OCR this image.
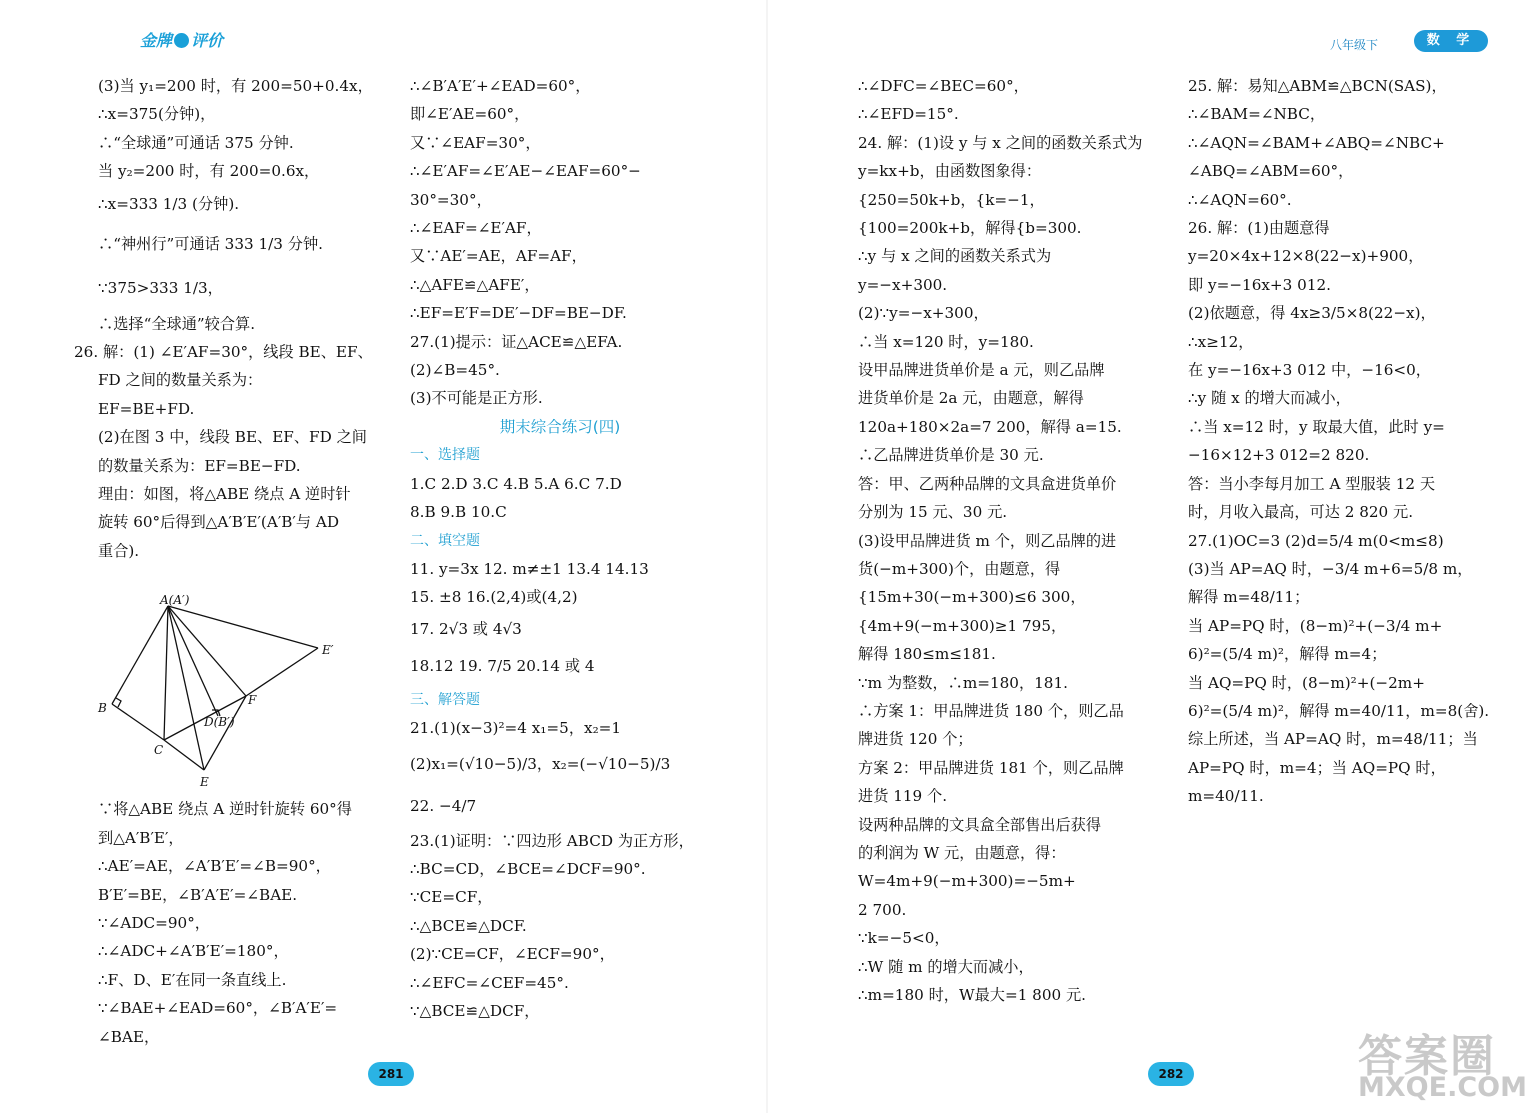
金牌 评价	八年级下	数 学
(3)当 y₁=200 时，有 200=50+0.4x，
∴x=375(分钟)，
∴“全球通”可通话 375 分钟.
当 y₂=200 时，有 200=0.6x，
∴x=333 1/3 (分钟).
∴“神州行”可通话 333 1/3 分钟.
∵375>333 1/3，
∴选择“全球通”较合算.
26. 解：(1) ∠E′AF=30°，线段 BE、EF、
FD 之间的数量关系为：
EF=BE+FD.
(2)在图 3 中，线段 BE、EF、FD 之间
的数量关系为：EF=BE−FD.
理由：如图，将△ABE 绕点 A 逆时针
旋转 60°后得到△A′B′E′(A′B′与 AD
重合).
∵将△ABE 绕点 A 逆时针旋转 60°得
到△A′B′E′，
∴AE′=AE，∠A′B′E′=∠B=90°，
B′E′=BE，∠B′A′E′=∠BAE.
∵∠ADC=90°，
∴∠ADC+∠A′B′E′=180°，
∴F、D、E′在同一条直线上.
∵∠BAE+∠EAD=60°，∠B′A′E′=
∠BAE，
A(A′)
B
C
D(B′)
E
E′
F
∴∠B′A′E′+∠EAD=60°，
即∠E′AE=60°，
又∵∠EAF=30°，
∴∠E′AF=∠E′AE−∠EAF=60°−
30°=30°，
∴∠EAF=∠E′AF，
又∵AE′=AE，AF=AF，
∴△AFE≌△AFE′，
∴EF=E′F=DE′−DF=BE−DF.
27.(1)提示：证△ACE≌△EFA.
(2)∠B=45°.
(3)不可能是正方形.
期末综合练习(四)
一、选择题
1.C 2.D 3.C 4.B 5.A 6.C 7.D
8.B 9.B 10.C
二、填空题
11. y=3x 12. m≠±1 13.4 14.13
15. ±8 16.(2,4)或(4,2)
17. 2√3 或 4√3
18.12 19. 7/5 20.14 或 4
三、解答题
21.(1)(x−3)²=4 x₁=5，x₂=1
(2)x₁=(√10−5)/3，x₂=(−√10−5)/3
22. −4/7
23.(1)证明：∵四边形 ABCD 为正方形，
∴BC=CD，∠BCE=∠DCF=90°.
∵CE=CF，
∴△BCE≌△DCF.
(2)∵CE=CF，∠ECF=90°，
∴∠EFC=∠CEF=45°.
∵△BCE≌△DCF，
∴∠DFC=∠BEC=60°，
∴∠EFD=15°.
24. 解：(1)设 y 与 x 之间的函数关系式为
y=kx+b，由函数图象得：
{250=50k+b，{k=−1，
{100=200k+b，解得{b=300.
∴y 与 x 之间的函数关系式为
y=−x+300.
(2)∵y=−x+300，
∴当 x=120 时，y=180.
设甲品牌进货单价是 a 元，则乙品牌
进货单价是 2a 元，由题意，解得
120a+180×2a=7 200，解得 a=15.
∴乙品牌进货单价是 30 元.
答：甲、乙两种品牌的文具盒进货单价
分别为 15 元、30 元.
(3)设甲品牌进货 m 个，则乙品牌的进
货(−m+300)个，由题意，得
{15m+30(−m+300)≤6 300，
{4m+9(−m+300)≥1 795，
解得 180≤m≤181.
∵m 为整数，∴m=180，181.
∴方案 1：甲品牌进货 180 个，则乙品
牌进货 120 个；
方案 2：甲品牌进货 181 个，则乙品牌
进货 119 个.
设两种品牌的文具盒全部售出后获得
的利润为 W 元，由题意，得：
W=4m+9(−m+300)=−5m+
2 700.
∵k=−5<0，
∴W 随 m 的增大而减小，
∴m=180 时，W最大=1 800 元.
25. 解：易知△ABM≌△BCN(SAS)，
∴∠BAM=∠NBC，
∴∠AQN=∠BAM+∠ABQ=∠NBC+
∠ABQ=∠ABM=60°，
∴∠AQN=60°.
26. 解：(1)由题意得
y=20×4x+12×8(22−x)+900，
即 y=−16x+3 012.
(2)依题意，得 4x≥3/5×8(22−x)，
∴x≥12，
在 y=−16x+3 012 中，−16<0，
∴y 随 x 的增大而减小，
∴当 x=12 时，y 取最大值，此时 y=
−16×12+3 012=2 820.
答：当小李每月加工 A 型服装 12 天
时，月收入最高，可达 2 820 元.
27.(1)OC=3 (2)d=5/4 m(0<m≤8)
(3)当 AP=AQ 时，−3/4 m+6=5/8 m，
解得 m=48/11；
当 AP=PQ 时，(8−m)²+(−3/4 m+
6)²=(5/4 m)²，解得 m=4；
当 AQ=PQ 时，(8−m)²+(−2m+
6)²=(5/4 m)²，解得 m=40/11，m=8(舍).
综上所述，当 AP=AQ 时，m=48/11；当
AP=PQ 时，m=4；当 AQ=PQ 时，
m=40/11.
281	282	答案圈
MXQE.COM
